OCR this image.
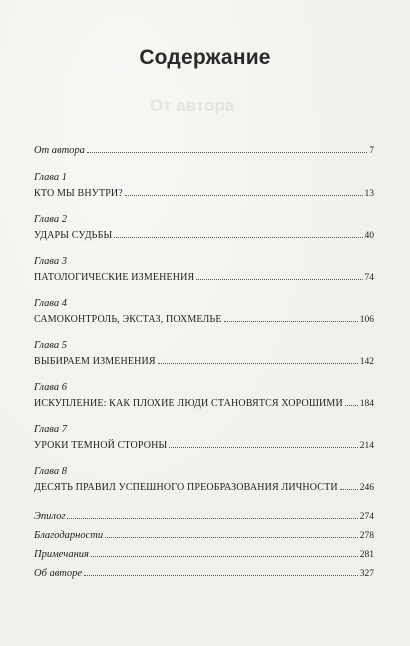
От автора
Содержание
От автора	7
Глава 1
КТО МЫ ВНУТРИ?	13
Глава 2
УДАРЫ СУДЬБЫ	40
Глава 3
ПАТОЛОГИЧЕСКИЕ ИЗМЕНЕНИЯ	74
Глава 4
САМОКОНТРОЛЬ, ЭКСТАЗ, ПОХМЕЛЬЕ	106
Глава 5
ВЫБИРАЕМ ИЗМЕНЕНИЯ	142
Глава 6
ИСКУПЛЕНИЕ: КАК ПЛОХИЕ ЛЮДИ СТАНОВЯТСЯ ХОРОШИМИ 184
Глава 7
УРОКИ ТЕМНОЙ СТОРОНЫ	214
Глава 8
ДЕСЯТЬ ПРАВИЛ УСПЕШНОГО ПРЕОБРАЗОВАНИЯ ЛИЧНОСТИ 246
Эпилог	274
Благодарности	278
Примечания	281
Об авторе	327
